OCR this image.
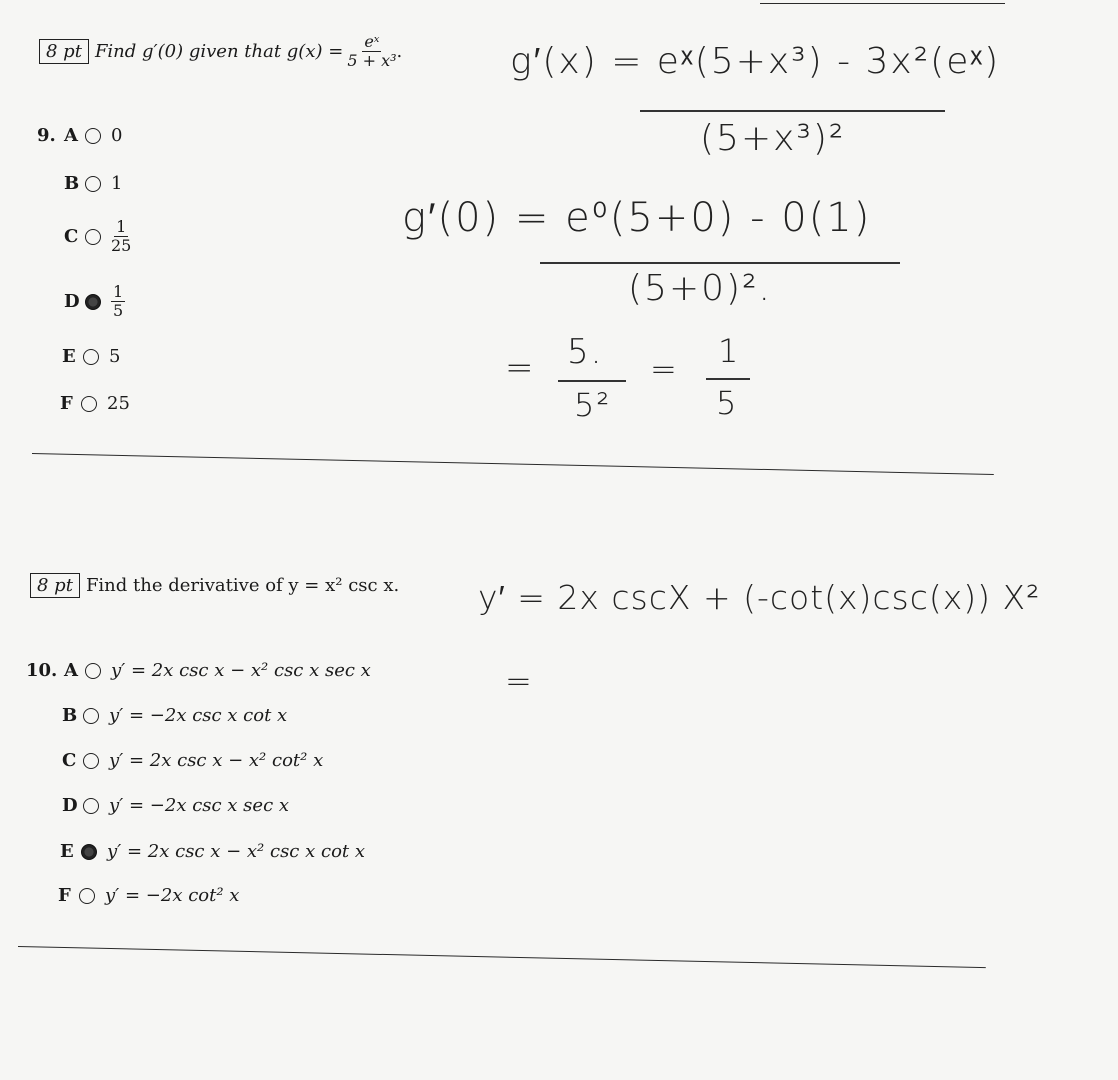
8 pt Find g′(0) given that $g(x) = \frac{\text{eˣ}}{\text{5 + x³}}$ .
9. A	0
B 1
C	$\frac{1}{25}$
D $\frac{1}{5}$
E	5
F	25
g′(x) = eˣ(5+x³) - 3x²(eˣ)
(5+x³)²
g′(0) = e⁰(5+0) - 0(1)
(5+0)².
= 5.
5²
= 1
5
8 pt Find the derivative of y = x² csc x.
10. A	y′ = 2x csc x − x² csc x sec x
B y′ = −2x csc x cot x
C	y′ = 2x csc x − x² cot² x
D y′ = −2x csc x sec x
E	y′ = 2x csc x − x² csc x cot x
F	y′ = −2x cot² x
y′ = 2x cscX + (-cot(x)csc(x)) X²
=
